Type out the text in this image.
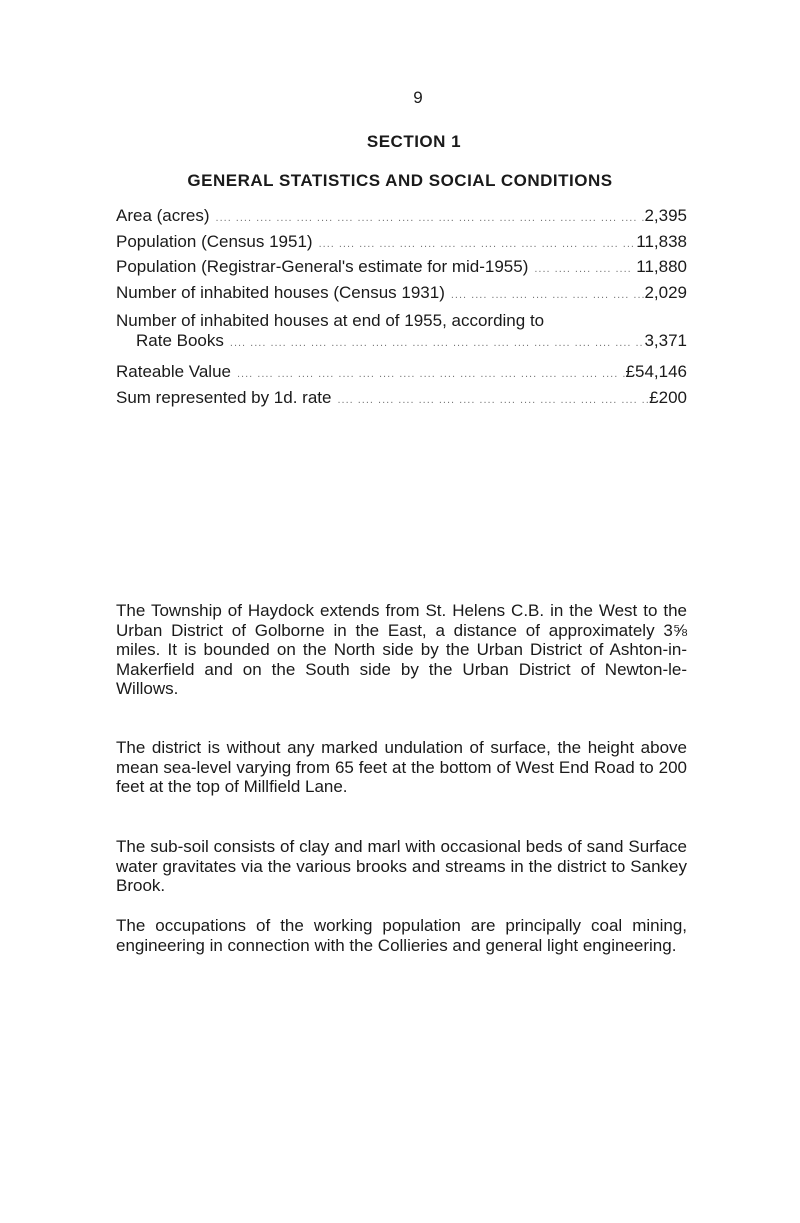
9
SECTION 1
GENERAL STATISTICS AND SOCIAL CONDITIONS
Area (acres) ....	2,395
Population (Census 1951) ....	11,838
Population (Registrar-General's estimate for mid-1955) ....	11,880
Number of inhabited houses (Census 1931) ....	2,029
Number of inhabited houses at end of 1955, according to
Rate Books ....	3,371
Rateable Value ....	£54,146
Sum represented by 1d. rate ....	£200

The Township of Haydock extends from St. Helens C.B. in the West to the Urban District of Golborne in the East, a distance of approximately 3⅝ miles. It is bounded on the North side by the Urban District of Ashton-in-Makerfield and on the South side by the Urban District of Newton-le-Willows.

The district is without any marked undulation of surface, the height above mean sea-level varying from 65 feet at the bottom of West End Road to 200 feet at the top of Millfield Lane.

The sub-soil consists of clay and marl with occasional beds of sand Surface water gravitates via the various brooks and streams in the district to Sankey Brook.

The occupations of the working population are principally coal mining, engineering in connection with the Collieries and general light engineering.
